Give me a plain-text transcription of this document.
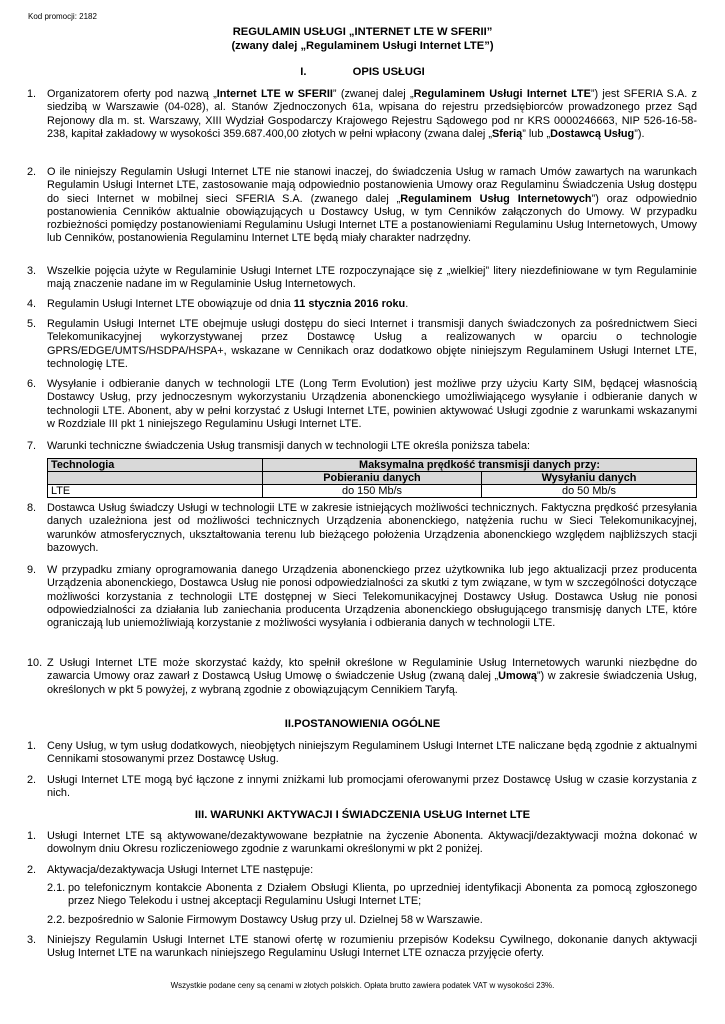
Kod promocji: 2182
REGULAMIN USŁUGI „INTERNET LTE W SFERII”
(zwany dalej „Regulaminem Usługi Internet LTE”)
I.	OPIS USŁUGI
1. Organizatorem oferty pod nazwą „Internet LTE w SFERII” (zwanej dalej „Regulaminem Usługi Internet LTE”) jest SFERIA S.A. z siedzibą w Warszawie (04-028), al. Stanów Zjednoczonych 61a, wpisana do rejestru przedsiębiorców prowadzonego przez Sąd Rejonowy dla m. st. Warszawy, XIII Wydział Gospodarczy Krajowego Rejestru Sądowego pod nr KRS 0000246663, NIP 526-16-58-238, kapitał zakładowy w wysokości 359.687.400,00 złotych w pełni wpłacony (zwana dalej „Sferią” lub „Dostawcą Usług”).
2. O ile niniejszy Regulamin Usługi Internet LTE nie stanowi inaczej, do świadczenia Usług w ramach Umów zawartych na warunkach Regulamin Usługi Internet LTE, zastosowanie mają odpowiednio postanowienia Umowy oraz Regulaminu Świadczenia Usług dostępu do sieci Internet w mobilnej sieci SFERIA S.A. (zwanego dalej „Regulaminem Usług Internetowych”) oraz odpowiednio postanowienia Cenników aktualnie obowiązujących u Dostawcy Usług, w tym Cenników załączonych do Umowy. W przypadku rozbieżności pomiędzy postanowieniami Regulaminu Usługi Internet LTE a postanowieniami Regulaminu Usług Internetowych, Umowy lub Cenników, postanowienia Regulaminu Internet LTE będą miały charakter nadrzędny.
3. Wszelkie pojęcia użyte w Regulaminie Usługi Internet LTE rozpoczynające się z „wielkiej” litery niezdefiniowane w tym Regulaminie mają znaczenie nadane im w Regulaminie Usług Internetowych.
4. Regulamin Usługi Internet LTE obowiązuje od dnia 11 stycznia 2016 roku.
5. Regulamin Usługi Internet LTE obejmuje usługi dostępu do sieci Internet i transmisji danych świadczonych za pośrednictwem Sieci Telekomunikacyjnej wykorzystywanej przez Dostawcę Usług a realizowanych w oparciu o technologie GPRS/EDGE/UMTS/HSDPA/HSPA+, wskazane w Cennikach oraz dodatkowo objęte niniejszym Regulaminem Usługi Internet LTE, technologię LTE.
6. Wysyłanie i odbieranie danych w technologii LTE (Long Term Evolution) jest możliwe przy użyciu Karty SIM, będącej własnością Dostawcy Usług, przy jednoczesnym wykorzystaniu Urządzenia abonenckiego umożliwiającego wysyłanie i odbieranie danych w technologii LTE. Abonent, aby w pełni korzystać z Usługi Internet LTE, powinien aktywować Usługi zgodnie z warunkami wskazanymi w Rozdziale III pkt 1 niniejszego Regulaminu Usługi Internet LTE.
7. Warunki techniczne świadczenia Usług transmisji danych w technologii LTE określa poniższa tabela:
Technologia	Maksymalna prędkość transmisji danych przy:	
	Pobieraniu danych	Wysyłaniu danych
LTE	do 150 Mb/s	do 50 Mb/s
8. Dostawca Usług świadczy Usługi w technologii LTE w zakresie istniejących możliwości technicznych. Faktyczna prędkość przesyłania danych uzależniona jest od możliwości technicznych Urządzenia abonenckiego, natężenia ruchu w Sieci Telekomunikacyjnej, warunków atmosferycznych, ukształtowania terenu lub bieżącego położenia Urządzenia abonenckiego względem najbliższych stacji bazowych.
9. W przypadku zmiany oprogramowania danego Urządzenia abonenckiego przez użytkownika lub jego aktualizacji przez producenta Urządzenia abonenckiego, Dostawca Usług nie ponosi odpowiedzialności za skutki z tym związane, w tym w szczególności dotyczące możliwości korzystania z technologii LTE dostępnej w Sieci Telekomunikacyjnej Dostawcy Usług. Dostawca Usług nie ponosi odpowiedzialności za działania lub zaniechania producenta Urządzenia abonenckiego obsługującego transmisję danych LTE, które ograniczają lub uniemożliwiają korzystanie z możliwości wysyłania i odbierania danych w technologii LTE.
10. Z Usługi Internet LTE może skorzystać każdy, kto spełnił określone w Regulaminie Usług Internetowych warunki niezbędne do zawarcia Umowy oraz zawarł z Dostawcą Usług Umowę o świadczenie Usług (zwaną dalej „Umową”) w zakresie świadczenia Usług, określonych w pkt 5 powyżej, z wybraną zgodnie z obowiązującym Cennikiem Taryfą.
II.POSTANOWIENIA OGÓLNE
1. Ceny Usług, w tym usług dodatkowych, nieobjętych niniejszym Regulaminem Usługi Internet LTE naliczane będą zgodnie z aktualnymi Cennikami stosowanymi przez Dostawcę Usług.
2. Usługi Internet LTE mogą być łączone z innymi zniżkami lub promocjami oferowanymi przez Dostawcę Usług w czasie korzystania z nich.
III. WARUNKI AKTYWACJI I ŚWIADCZENIA USŁUG Internet LTE
1. Usługi Internet LTE są aktywowane/dezaktywowane bezpłatnie na życzenie Abonenta. Aktywacji/dezaktywacji można dokonać w dowolnym dniu Okresu rozliczeniowego zgodnie z warunkami określonymi w pkt 2 poniżej.
2. Aktywacja/dezaktywacja Usługi Internet LTE następuje:
2.1. po telefonicznym kontakcie Abonenta z Działem Obsługi Klienta, po uprzedniej identyfikacji Abonenta za pomocą zgłoszonego przez Niego Telekodu i ustnej akceptacji Regulaminu Usługi Internet LTE;
2.2. bezpośrednio w Salonie Firmowym Dostawcy Usług przy ul. Dzielnej 58 w Warszawie.
3. Niniejszy Regulamin Usługi Internet LTE stanowi ofertę w rozumieniu przepisów Kodeksu Cywilnego, dokonanie danych aktywacji Usług Internet LTE na warunkach niniejszego Regulaminu Usługi Internet LTE oznacza przyjęcie oferty.
Wszystkie podane ceny są cenami w złotych polskich. Opłata brutto zawiera podatek VAT w wysokości 23%.
